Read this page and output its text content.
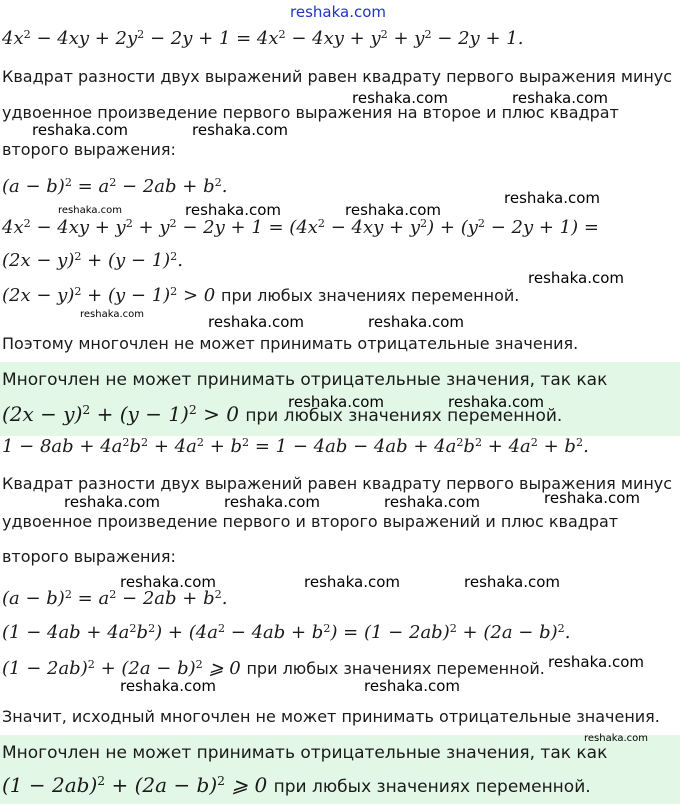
$4x^2 - 4xy + 2y^2 - 2y + 1 = 4x^2 - 4xy + y^2 + y^2 - 2y + 1$.
Квадрат разности двух выражений равен квадрату первого выражения минус
удвоенное произведение первого выражения на второе и плюс квадрат
второго выражения:
$(a - b)^2 = a^2 - 2ab + b^2$.
$4x^2 - 4xy + y^2 + y^2 - 2y + 1 = (4x^2 - 4xy + y^2) + (y^2 - 2y + 1)$ =
$(2x - y)^2 + (y - 1)^2$.
$(2x - y)^2 + (y - 1)^2 > 0$ при любых значениях переменной.
Поэтому многочлен не может принимать отрицательные значения.
Многочлен не может принимать отрицательные значения, так как
$(2x - y)^2 + (y - 1)^2 > 0$ при любых значениях переменной.
$1 - 8ab + 4a^2b^2 + 4a^2 + b^2 = 1 - 4ab - 4ab + 4a^2b^2 + 4a^2 + b^2$.
Квадрат разности двух выражений равен квадрату первого выражения минус
удвоенное произведение первого и второго выражений и плюс квадрат
второго выражения:
$(a - b)^2 = a^2 - 2ab + b^2$.
$(1 - 4ab + 4a^2b^2) + (4a^2 - 4ab + b^2) = (1 - 2ab)^2 + (2a - b)^2$.
$(1 - 2ab)^2 + (2a - b)^2$ ⩾ 0 при любых значениях переменной.
Значит, исходный многочлен не может принимать отрицательные значения.
Многочлен не может принимать отрицательные значения, так как
$(1 - 2ab)^2 + (2a - b)^2$ ⩾ 0 при любых значениях переменной.
reshaka.com
reshaka.com	reshaka.com
reshaka.com	reshaka.com
reshaka.com
reshaka.com	reshaka.com	reshaka.com
reshaka.com
reshaka.com	reshaka.com	reshaka.com
reshaka.com	reshaka.com
reshaka.com	reshaka.com	reshaka.com	reshaka.com
reshaka.com	reshaka.com	reshaka.com
reshaka.com
reshaka.com	reshaka.com
reshaka.com
